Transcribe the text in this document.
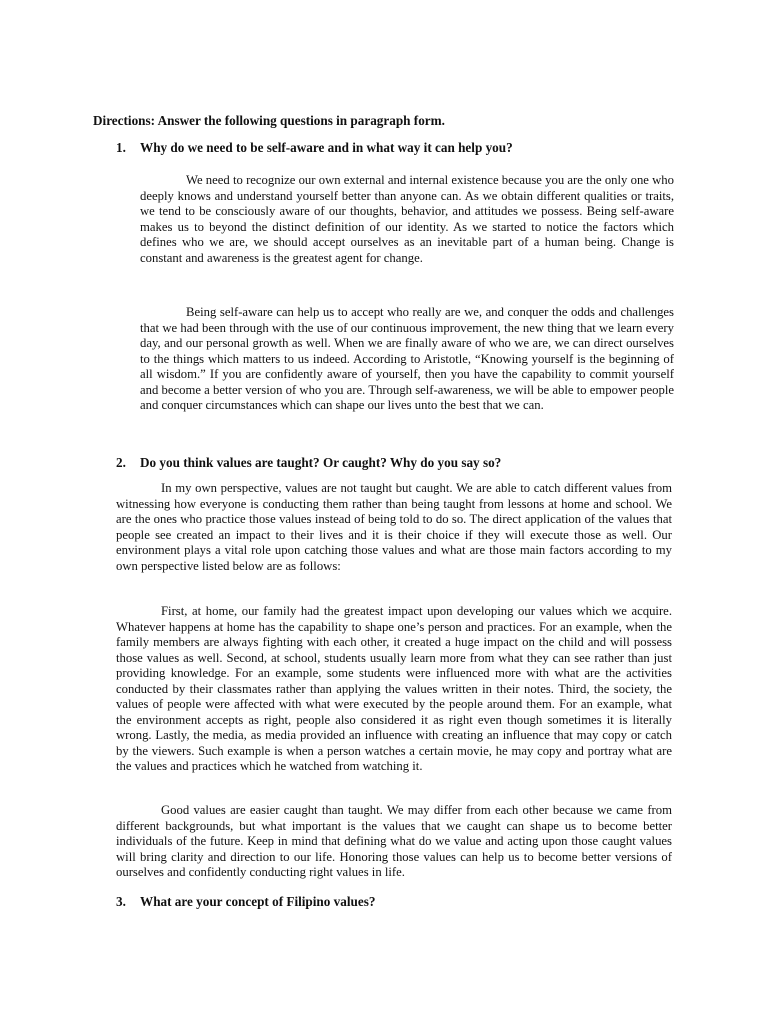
Directions: Answer the following questions in paragraph form.
1. Why do we need to be self-aware and in what way it can help you?

We need to recognize our own external and internal existence because you are the only one who deeply knows and understand yourself better than anyone can. As we obtain different qualities or traits, we tend to be consciously aware of our thoughts, behavior, and attitudes we possess. Being self-aware makes us to beyond the distinct definition of our identity. As we started to notice the factors which defines who we are, we should accept ourselves as an inevitable part of a human being. Change is constant and awareness is the greatest agent for change.

Being self-aware can help us to accept who really are we, and conquer the odds and challenges that we had been through with the use of our continuous improvement, the new thing that we learn every day, and our personal growth as well. When we are finally aware of who we are, we can direct ourselves to the things which matters to us indeed. According to Aristotle, “Knowing yourself is the beginning of all wisdom.” If you are confidently aware of yourself, then you have the capability to commit yourself and become a better version of who you are. Through self-awareness, we will be able to empower people and conquer circumstances which can shape our lives unto the best that we can.

2. Do you think values are taught? Or caught? Why do you say so?

In my own perspective, values are not taught but caught. We are able to catch different values from witnessing how everyone is conducting them rather than being taught from lessons at home and school. We are the ones who practice those values instead of being told to do so. The direct application of the values that people see created an impact to their lives and it is their choice if they will execute those as well. Our environment plays a vital role upon catching those values and what are those main factors according to my own perspective listed below are as follows:

First, at home, our family had the greatest impact upon developing our values which we acquire. Whatever happens at home has the capability to shape one’s person and practices. For an example, when the family members are always fighting with each other, it created a huge impact on the child and will possess those values as well. Second, at school, students usually learn more from what they can see rather than just providing knowledge. For an example, some students were influenced more with what are the activities conducted by their classmates rather than applying the values written in their notes. Third, the society, the values of people were affected with what were executed by the people around them. For an example, what the environment accepts as right, people also considered it as right even though sometimes it is literally wrong. Lastly, the media, as media provided an influence with creating an influence that may copy or catch by the viewers. Such example is when a person watches a certain movie, he may copy and portray what are the values and practices which he watched from watching it.

Good values are easier caught than taught. We may differ from each other because we came from different backgrounds, but what important is the values that we caught can shape us to become better individuals of the future. Keep in mind that defining what do we value and acting upon those caught values will bring clarity and direction to our life. Honoring those values can help us to become better versions of ourselves and confidently conducting right values in life.

3. What are your concept of Filipino values?
